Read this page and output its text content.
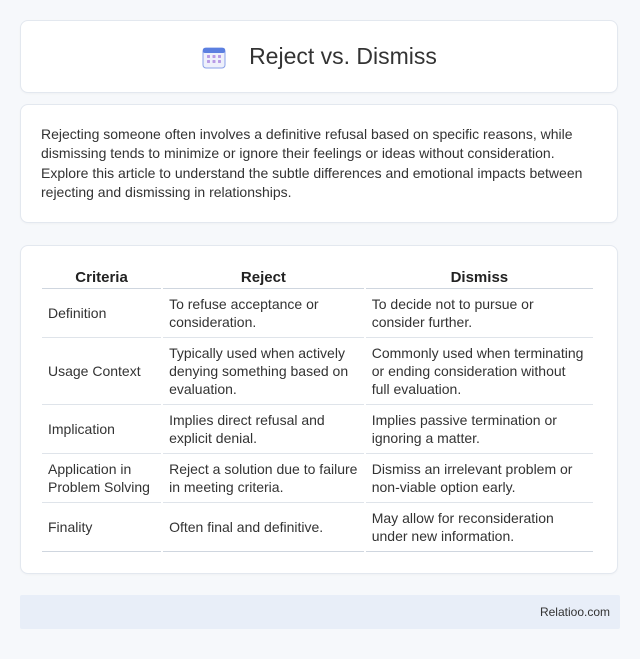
Reject vs. Dismiss

Rejecting someone often involves a definitive refusal based on specific reasons, while dismissing tends to minimize or ignore their feelings or ideas without consideration. Explore this article to understand the subtle differences and emotional impacts between rejecting and dismissing in relationships.

Criteria	Reject	Dismiss
Definition	To refuse acceptance or consideration.	To decide not to pursue or consider further.
Usage Context	Typically used when actively denying something based on evaluation.	Commonly used when terminating or ending consideration without full evaluation.
Implication	Implies direct refusal and explicit denial.	Implies passive termination or ignoring a matter.
Application in Problem Solving	Reject a solution due to failure in meeting criteria.	Dismiss an irrelevant problem or non-viable option early.
Finality	Often final and definitive.	May allow for reconsideration under new information.
Relatioo.com
